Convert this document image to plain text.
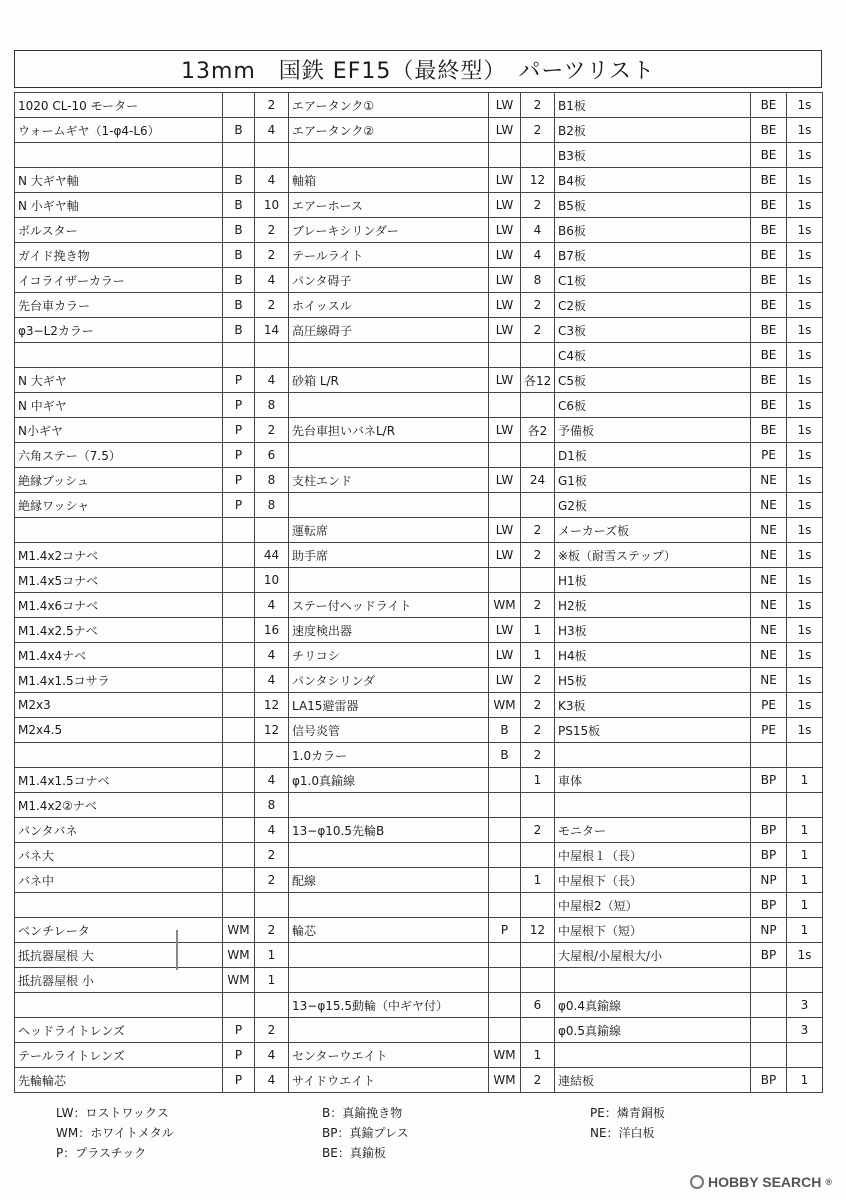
13mm　国鉄 EF15（最終型）　パーツリスト
1020 CL-10 モーター		2	エアータンク①	LW	2	B1板	BE	1s
ウォームギヤ（1-φ4-L6）	B	4	エアータンク②	LW	2	B2板	BE	1s
						B3板	BE	1s
N 大ギヤ軸	B	4	軸箱	LW	12	B4板	BE	1s
N 小ギヤ軸	B	10	エアーホース	LW	2	B5板	BE	1s
ボルスター	B	2	ブレーキシリンダー	LW	4	B6板	BE	1s
ガイド挽き物	B	2	テールライト	LW	4	B7板	BE	1s
イコライザーカラー	B	4	パンタ碍子	LW	8	C1板	BE	1s
先台車カラー	B	2	ホイッスル	LW	2	C2板	BE	1s
φ3−L2カラー	B	14	高圧線碍子	LW	2	C3板	BE	1s
						C4板	BE	1s
N 大ギヤ	P	4	砂箱 L/R	LW	各12	C5板	BE	1s
N 中ギヤ	P	8				C6板	BE	1s
N小ギヤ	P	2	先台車担いバネL/R	LW	各2	予備板	BE	1s
六角ステー（7.5）	P	6				D1板	PE	1s
絶縁ブッシュ	P	8	支柱エンド	LW	24	G1板	NE	1s
絶縁ワッシャ	P	8				G2板	NE	1s
			運転席	LW	2	メーカーズ板	NE	1s
M1.4x2コナベ		44	助手席	LW	2	※板（耐雪ステップ）	NE	1s
M1.4x5コナベ		10				H1板	NE	1s
M1.4x6コナベ		4	ステー付ヘッドライト	WM	2	H2板	NE	1s
M1.4x2.5ナベ		16	速度検出器	LW	1	H3板	NE	1s
M1.4x4ナベ		4	チリコシ	LW	1	H4板	NE	1s
M1.4x1.5コサラ		4	パンタシリンダ	LW	2	H5板	NE	1s
M2x3		12	LA15避雷器	WM	2	K3板	PE	1s
M2x4.5		12	信号炎管	B	2	PS15板	PE	1s
			1.0カラー	B	2			
M1.4x1.5コナベ		4	φ1.0真鍮線		1	車体	BP	1
M1.4x2②ナベ		8						
パンタバネ		4	13−φ10.5先輪B		2	モニター	BP	1
バネ大		2				中屋根１（長）	BP	1
バネ中		2	配線		1	中屋根下（長）	NP	1
						中屋根2（短）	BP	1
ベンチレータ	WM	2	輪芯	P	12	中屋根下（短）	NP	1
抵抗器屋根 大	WM	1				大屋根/小屋根大/小	BP	1s
抵抗器屋根 小	WM	1						
			13−φ15.5動輪（中ギヤ付）		6	φ0.4真鍮線		3
ヘッドライトレンズ	P	2				φ0.5真鍮線		3
テールライトレンズ	P	4	センターウエイト	WM	1			
先輪輪芯	P	4	サイドウエイト	WM	2	連結板	BP	1
LW：ロストワックス
WM：ホワイトメタル
P：プラスチック
B：真鍮挽き物
BP：真鍮プレス
BE：真鍮板
PE：燐青銅板
NE：洋白板
HOBBY SEARCH ®
